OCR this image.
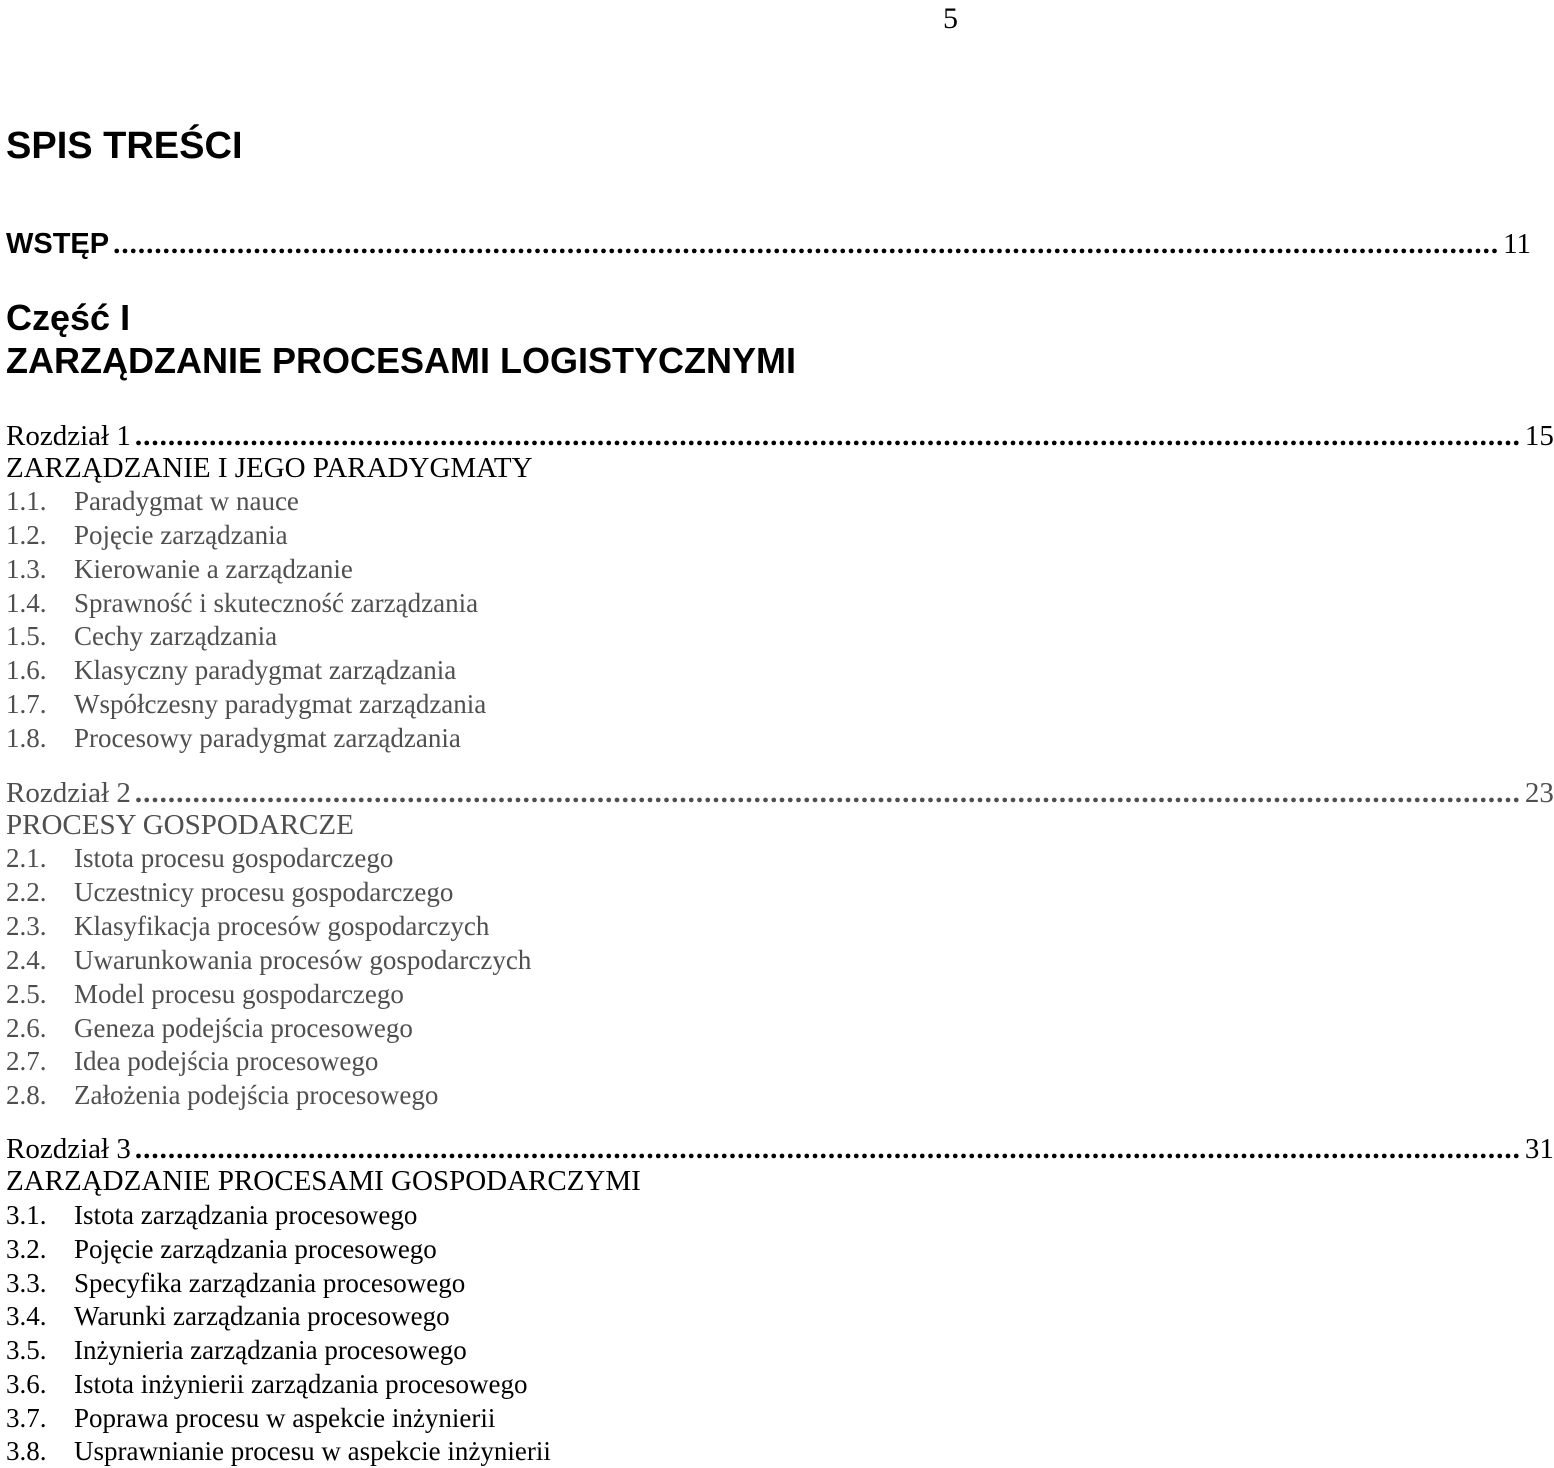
5
SPIS TREŚCI
WSTĘP ........................................................................................................................................................................ 11
Część I
ZARZĄDZANIE PROCESAMI LOGISTYCZNYMI
Rozdział 1 ........................................................................................................................................................................ 15
ZARZĄDZANIE I JEGO PARADYGMATY
1.1. Paradygmat w nauce
1.2. Pojęcie zarządzania
1.3. Kierowanie a zarządzanie
1.4. Sprawność i skuteczność zarządzania
1.5. Cechy zarządzania
1.6. Klasyczny paradygmat zarządzania
1.7. Współczesny paradygmat zarządzania
1.8. Procesowy paradygmat zarządzania
Rozdział 2 ........................................................................................................................................................................ 23
PROCESY GOSPODARCZE
2.1. Istota procesu gospodarczego
2.2. Uczestnicy procesu gospodarczego
2.3. Klasyfikacja procesów gospodarczych
2.4. Uwarunkowania procesów gospodarczych
2.5. Model procesu gospodarczego
2.6. Geneza podejścia procesowego
2.7. Idea podejścia procesowego
2.8. Założenia podejścia procesowego
Rozdział 3 ........................................................................................................................................................................ 31
ZARZĄDZANIE PROCESAMI GOSPODARCZYMI
3.1. Istota zarządzania procesowego
3.2. Pojęcie zarządzania procesowego
3.3. Specyfika zarządzania procesowego
3.4. Warunki zarządzania procesowego
3.5. Inżynieria zarządzania procesowego
3.6. Istota inżynierii zarządzania procesowego
3.7. Poprawa procesu w aspekcie inżynierii
3.8. Usprawnianie procesu w aspekcie inżynierii
